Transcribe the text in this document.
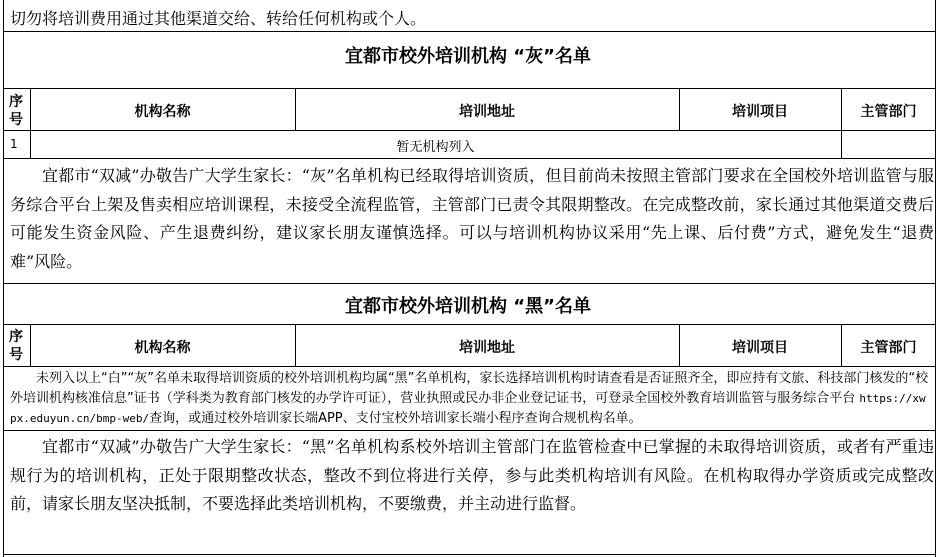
切勿将培训费用通过其他渠道交给、转给任何机构或个人。
宜都市校外培训机构 “灰”名单
序号	机构名称	培训地址	培训项目	主管部门
1	暂无机构列入
宜都市“双减”办敬告广大学生家长：“灰”名单机构已经取得培训资质，但目前尚未按照主管部门要求在全国校外培训监管与服务综合平台上架及售卖相应培训课程，未接受全流程监管，主管部门已责令其限期整改。在完成整改前，家长通过其他渠道交费后可能发生资金风险、产生退费纠纷，建议家长朋友谨慎选择。可以与培训机构协议采用“先上课、后付费”方式，避免发生“退费难”风险。
宜都市校外培训机构 “黑”名单
序号	机构名称	培训地址	培训项目	主管部门
未列入以上“白”“灰”名单未取得培训资质的校外培训机构均属“黑”名单机构，家长选择培训机构时请查看是否证照齐全，即应持有文旅、科技部门核发的“校外培训机构核准信息”证书（学科类为教育部门核发的办学许可证），营业执照或民办非企业登记证书，可登录全国校外教育培训监管与服务综合平台 https://xwpx.eduyun.cn/bmp-web/查询，或通过校外培训家长端APP、支付宝校外培训家长端小程序查询合规机构名单。
宜都市“双减”办敬告广大学生家长：“黑”名单机构系校外培训主管部门在监管检查中已掌握的未取得培训资质，或者有严重违规行为的培训机构，正处于限期整改状态，整改不到位将进行关停，参与此类机构培训有风险。在机构取得办学资质或完成整改前，请家长朋友坚决抵制，不要选择此类培训机构，不要缴费，并主动进行监督。
